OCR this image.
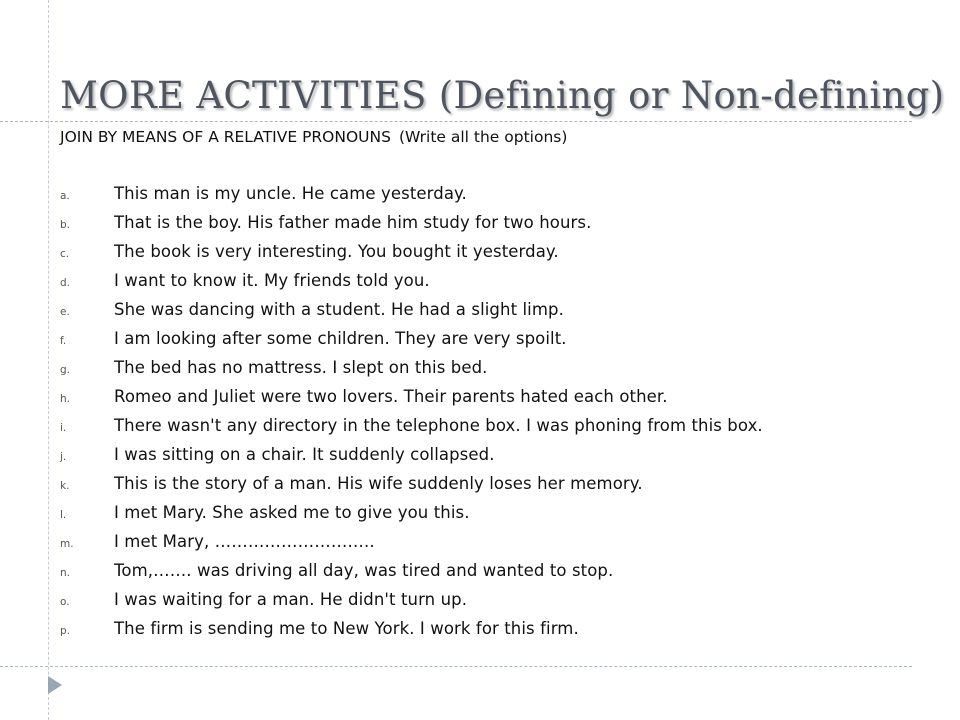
MORE ACTIVITIES (Defining or Non-defining)
JOIN BY MEANS OF A RELATIVE PRONOUNS (Write all the options)
a.	This man is my uncle. He came yesterday.
b.	That is the boy. His father made him study for two hours.
c.	The book is very interesting. You bought it yesterday.
d.	I want to know it. My friends told you.
e.	She was dancing with a student. He had a slight limp.
f.	I am looking after some children. They are very spoilt.
g.	The bed has no mattress. I slept on this bed.
h.	Romeo and Juliet were two lovers. Their parents hated each other.
i.	There wasn't any directory in the telephone box. I was phoning from this box.
j.	I was sitting on a chair. It suddenly collapsed.
k.	This is the story of a man. His wife suddenly loses her memory.
l.	I met Mary. She asked me to give you this.
m.	I met Mary, ………………………..
n.	Tom,……. was driving all day, was tired and wanted to stop.
o.	I was waiting for a man. He didn't turn up.
p.	The firm is sending me to New York. I work for this firm.
